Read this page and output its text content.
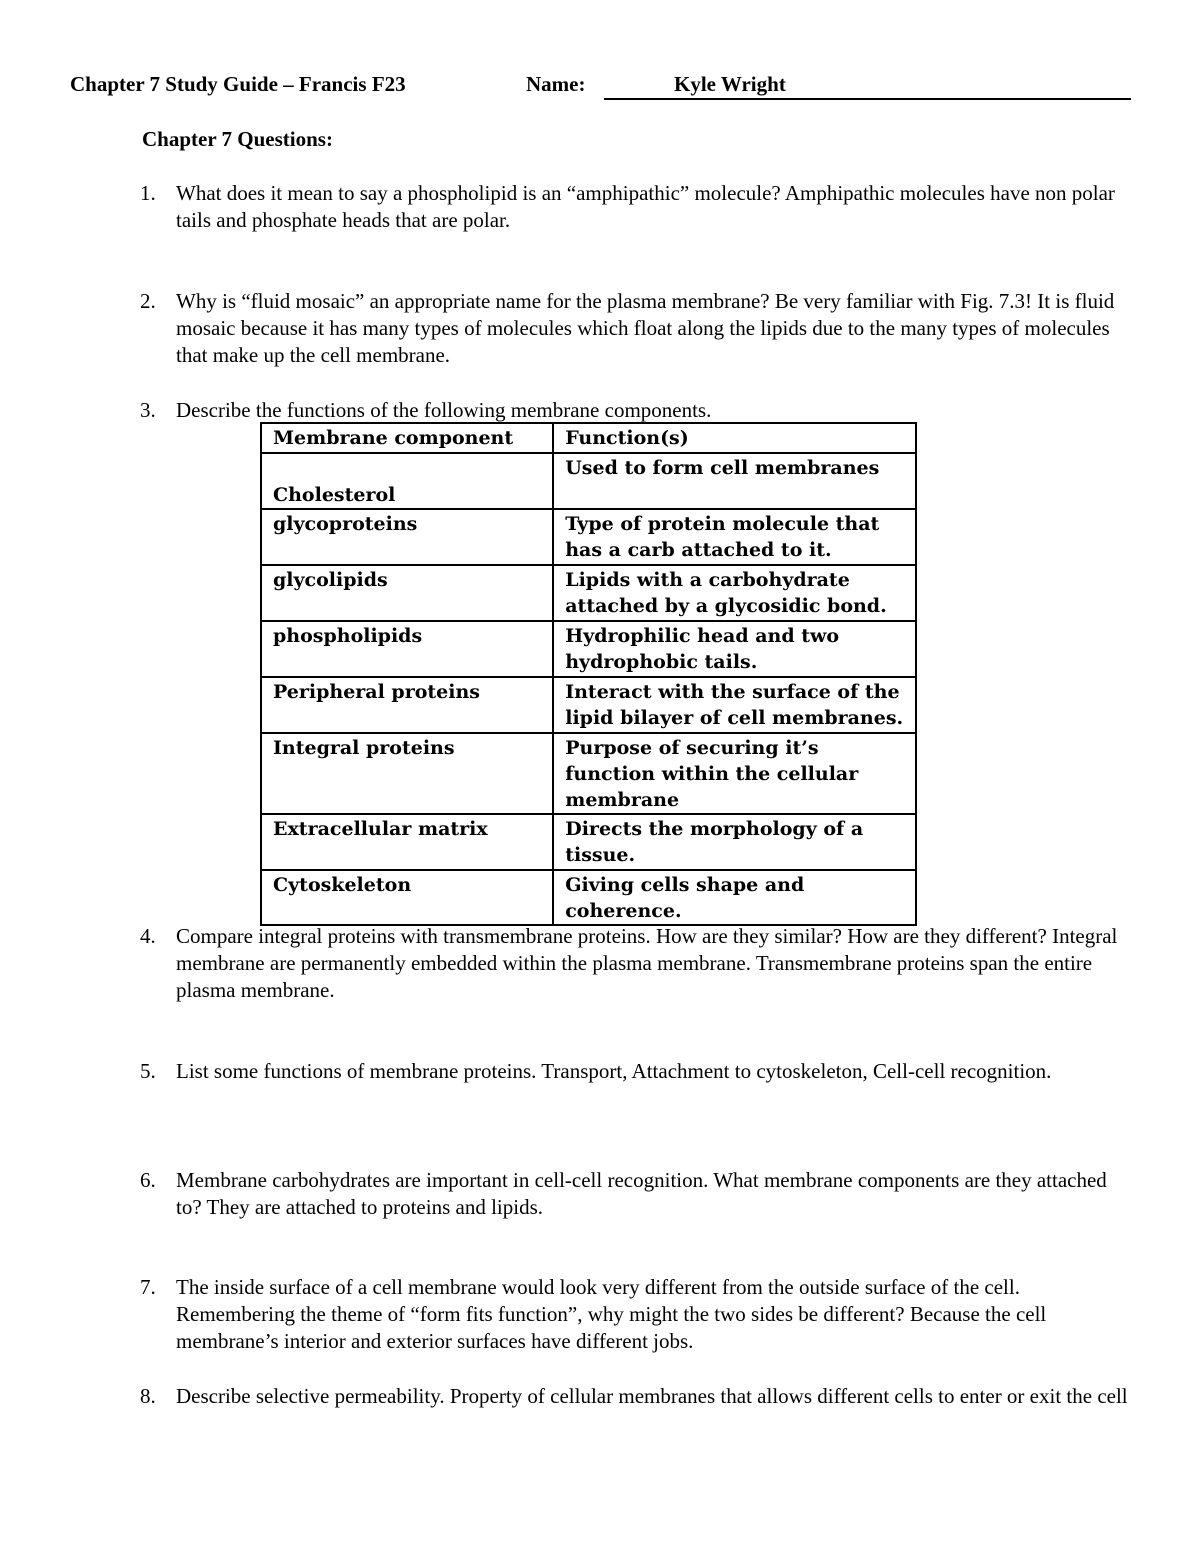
Chapter 7 Study Guide – Francis F23	Name:	Kyle Wright
Chapter 7 Questions:
1. What does it mean to say a phospholipid is an “amphipathic” molecule? Amphipathic molecules have non polar tails and phosphate heads that are polar.
2. Why is “fluid mosaic” an appropriate name for the plasma membrane? Be very familiar with Fig. 7.3! It is fluid mosaic because it has many types of molecules which float along the lipids due to the many types of molecules that make up the cell membrane.
3. Describe the functions of the following membrane components.
Membrane component	Function(s)
Cholesterol	Used to form cell membranes
glycoproteins	Type of protein molecule that has a carb attached to it.
glycolipids	Lipids with a carbohydrate attached by a glycosidic bond.
phospholipids	Hydrophilic head and two hydrophobic tails.
Peripheral proteins	Interact with the surface of the lipid bilayer of cell membranes.
Integral proteins	Purpose of securing it’s function within the cellular membrane
Extracellular matrix	Directs the morphology of a tissue.
Cytoskeleton	Giving cells shape and coherence.
4. Compare integral proteins with transmembrane proteins. How are they similar? How are they different? Integral membrane are permanently embedded within the plasma membrane. Transmembrane proteins span the entire plasma membrane.
5. List some functions of membrane proteins. Transport, Attachment to cytoskeleton, Cell-cell recognition.
6. Membrane carbohydrates are important in cell-cell recognition. What membrane components are they attached to? They are attached to proteins and lipids.
7. The inside surface of a cell membrane would look very different from the outside surface of the cell. Remembering the theme of “form fits function”, why might the two sides be different? Because the cell membrane’s interior and exterior surfaces have different jobs.
8. Describe selective permeability. Property of cellular membranes that allows different cells to enter or exit the cell
